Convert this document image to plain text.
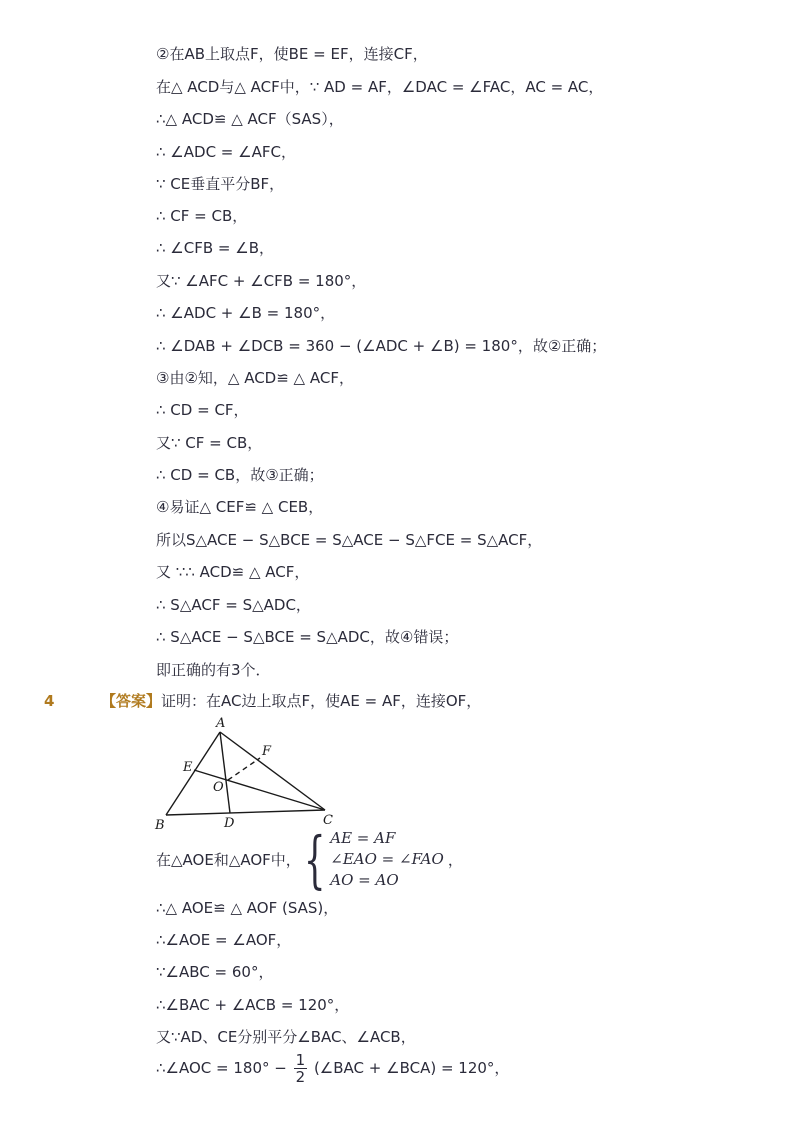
②在AB上取点F，使BE = EF，连接CF，
在△ ACD与△ ACF中，∵ AD = AF，∠DAC = ∠FAC，AC = AC，
∴△ ACD≌ △ ACF（SAS），
∴ ∠ADC = ∠AFC，
∵ CE垂直平分BF，
∴ CF = CB，
∴ ∠CFB = ∠B，
又∵ ∠AFC + ∠CFB = 180°，
∴ ∠ADC + ∠B = 180°，
∴ ∠DAB + ∠DCB = 360 − (∠ADC + ∠B) = 180°，故②正确；
③由②知，△ ACD≌ △ ACF，
∴ CD = CF，
又∵ CF = CB，
∴ CD = CB，故③正确；
④易证△ CEF≌ △ CEB，
所以S△ACE − S△BCE = S△ACE − S△FCE = S△ACF，
又 ∵∴ ACD≌ △ ACF，
∴ S△ACF = S△ADC，
∴ S△ACE − S△BCE = S△ADC，故④错误；
即正确的有3个．
4	【答案】证明：在AC边上取点F，使AE = AF，连接OF，
A
F
E
O
B	D	C
在△AOE和△AOF中， { AE = AF
∠EAO = ∠FAO
AO = AO
，
∴△ AOE≌ △ AOF (SAS)，
∴∠AOE = ∠AOF，
∵∠ABC = 60°，
∴∠BAC + ∠ACB = 120°，
又∵AD、CE分别平分∠BAC、∠ACB，
∴∠AOC = $180^\circ - \frac{1}{2}$ (∠BAC + ∠BCA) = 120°，
